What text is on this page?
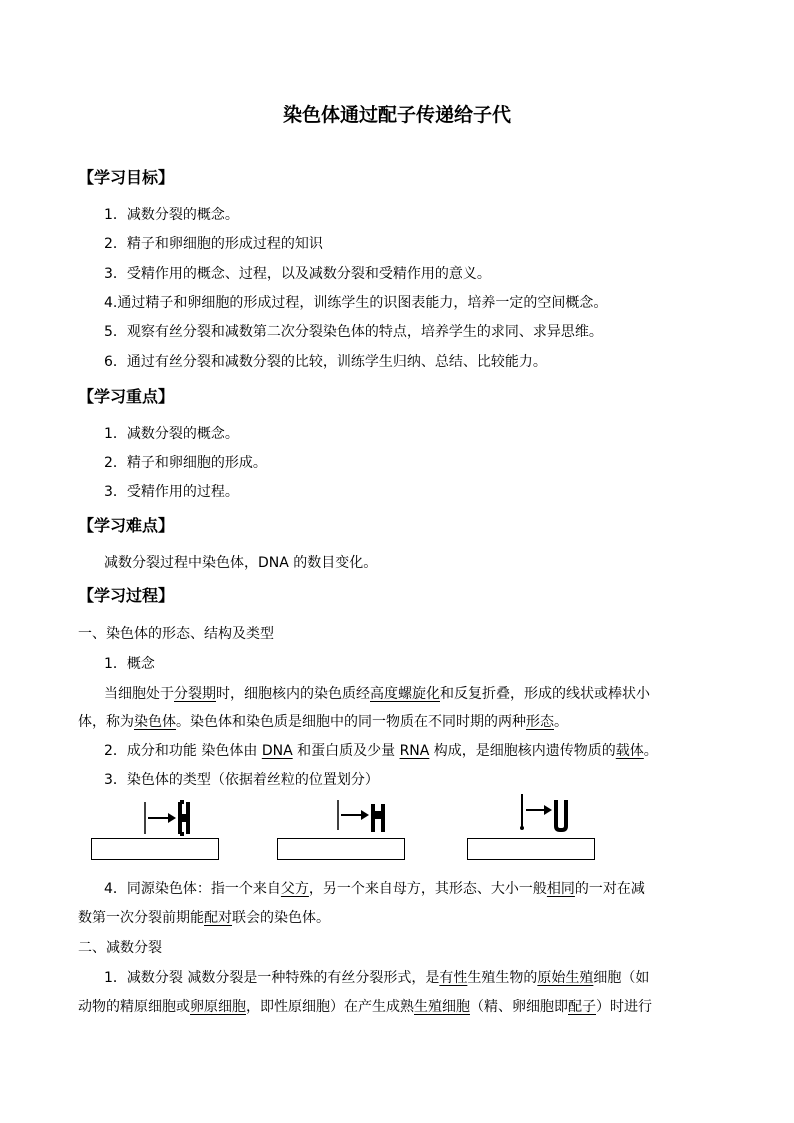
染色体通过配子传递给子代
【学习目标】
1．减数分裂的概念。
2．精子和卵细胞的形成过程的知识
3．受精作用的概念、过程，以及减数分裂和受精作用的意义。
4.通过精子和卵细胞的形成过程，训练学生的识图表能力，培养一定的空间概念。
5．观察有丝分裂和减数第二次分裂染色体的特点，培养学生的求同、求异思维。
6．通过有丝分裂和减数分裂的比较，训练学生归纳、总结、比较能力。
【学习重点】
1．减数分裂的概念。
2．精子和卵细胞的形成。
3．受精作用的过程。
【学习难点】
减数分裂过程中染色体，DNA 的数目变化。
【学习过程】
一、染色体的形态、结构及类型
1．概念
当细胞处于分裂期时，细胞核内的染色质经高度螺旋化和反复折叠，形成的线状或棒状小
体，称为染色体。染色体和染色质是细胞中的同一物质在不同时期的两种形态。
2．成分和功能 染色体由 DNA 和蛋白质及少量 RNA 构成，是细胞核内遗传物质的载体。
3．染色体的类型（依据着丝粒的位置划分）
4．同源染色体：指一个来自父方，另一个来自母方，其形态、大小一般相同的一对在减
数第一次分裂前期能配对联会的染色体。
二、减数分裂
1．减数分裂 减数分裂是一种特殊的有丝分裂形式，是有性生殖生物的原始生殖细胞（如
动物的精原细胞或卵原细胞，即性原细胞）在产生成熟生殖细胞（精、卵细胞即配子）时进行
